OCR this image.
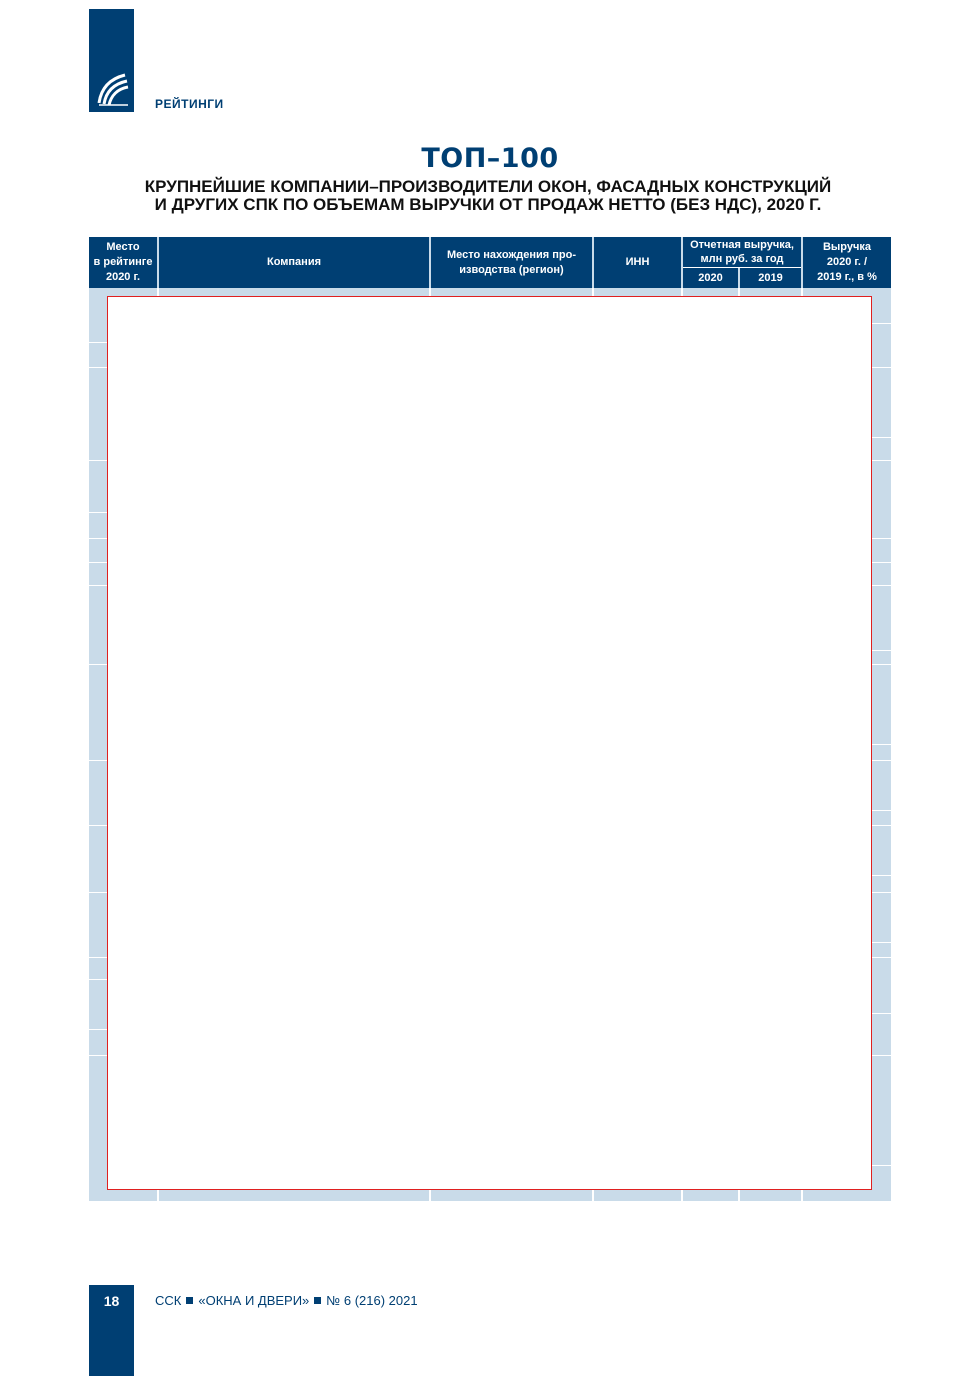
РЕЙТИНГИ
ТОП–100
КРУПНЕЙШИЕ КОМПАНИИ–ПРОИЗВОДИТЕЛИ ОКОН, ФАСАДНЫХ КОНСТРУКЦИЙ
И ДРУГИХ СПК ПО ОБЪЕМАМ ВЫРУЧКИ ОТ ПРОДАЖ НЕТТО (БЕЗ НДС), 2020 Г.
Место
в рейтинге
2020 г.
Компания
Место нахождения про-
изводства (регион)
ИНН
Отчетная выручка,
млн руб. за год
2020	2019
Выручка
2020 г. /
2019 г., в %
18	ССК «ОКНА И ДВЕРИ» № 6 (216) 2021
